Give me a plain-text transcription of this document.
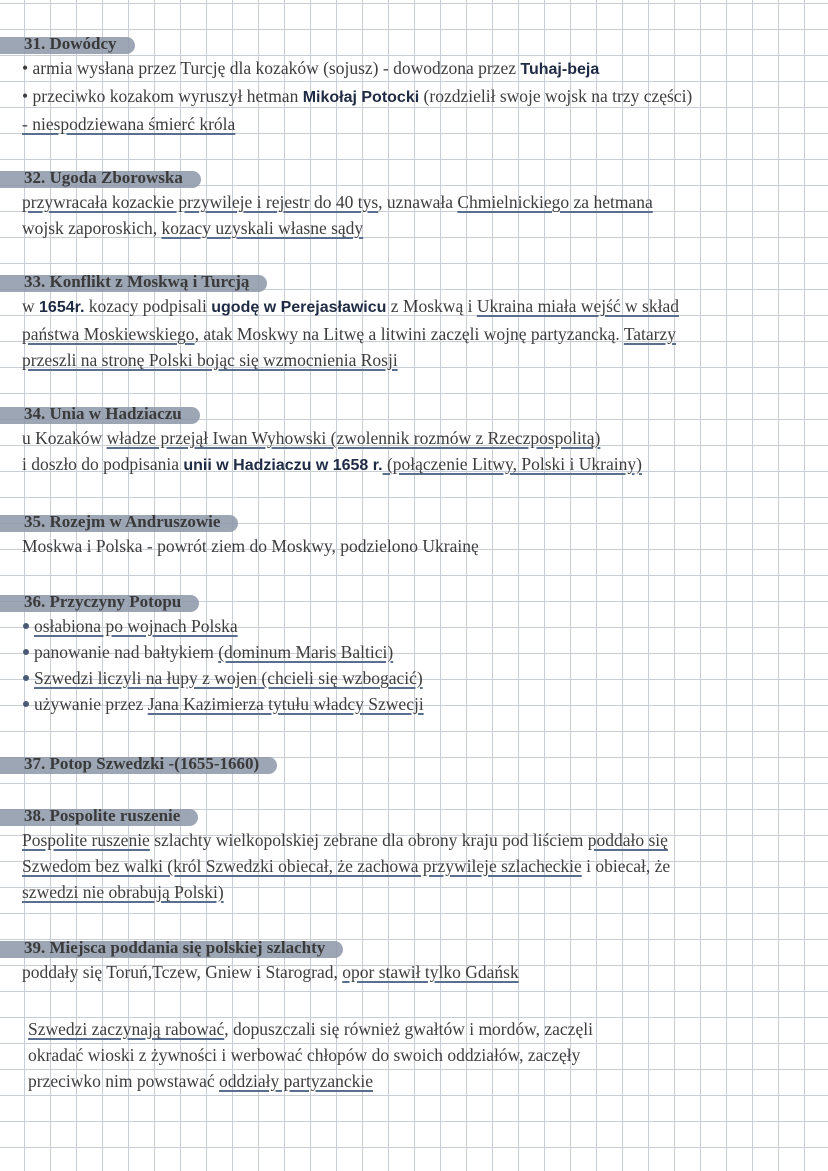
31. Dowódcy
• armia wysłana przez Turcję dla kozaków (sojusz) - dowodzona przez Tuhaj-beja
• przeciwko kozakom wyruszył hetman Mikołaj Potocki (rozdzielił swoje wojsk na trzy części)
- niespodziewana śmierć króla
32. Ugoda Zborowska
przywracała kozackie przywileje i rejestr do 40 tys, uznawała Chmielnickiego za hetmana
wojsk zaporoskich, kozacy uzyskali własne sądy
33. Konflikt z Moskwą i Turcją
w 1654r. kozacy podpisali ugodę w Perejasławicu z Moskwą i Ukraina miała wejść w skład
państwa Moskiewskiego, atak Moskwy na Litwę a litwini zaczęli wojnę partyzancką. Tatarzy
przeszli na stronę Polski bojąc się wzmocnienia Rosji
34. Unia w Hadziaczu
u Kozaków władze przejął Iwan Wyhowski (zwolennik rozmów z Rzeczpospolitą)
i doszło do podpisania unii w Hadziaczu w 1658 r. (połączenie Litwy, Polski i Ukrainy)
35. Rozejm w Andruszowie
Moskwa i Polska - powrót ziem do Moskwy, podzielono Ukrainę
36. Przyczyny Potopu
osłabiona po wojnach Polska
panowanie nad bałtykiem (dominum Maris Baltici)
Szwedzi liczyli na łupy z wojen (chcieli się wzbogacić)
używanie przez Jana Kazimierza tytułu władcy Szwecji
37. Potop Szwedzki -(1655-1660)
38. Pospolite ruszenie
Pospolite ruszenie szlachty wielkopolskiej zebrane dla obrony kraju pod liściem poddało się
Szwedom bez walki (król Szwedzki obiecał, że zachowa przywileje szlacheckie i obiecał, że
szwedzi nie obrabują Polski)
39. Miejsca poddania się polskiej szlachty
poddały się Toruń,Tczew, Gniew i Starograd, opor stawił tylko Gdańsk
Szwedzi zaczynają rabować, dopuszczali się również gwałtów i mordów, zaczęli
okradać wioski z żywności i werbować chłopów do swoich oddziałów, zaczęły
przeciwko nim powstawać oddziały partyzanckie
